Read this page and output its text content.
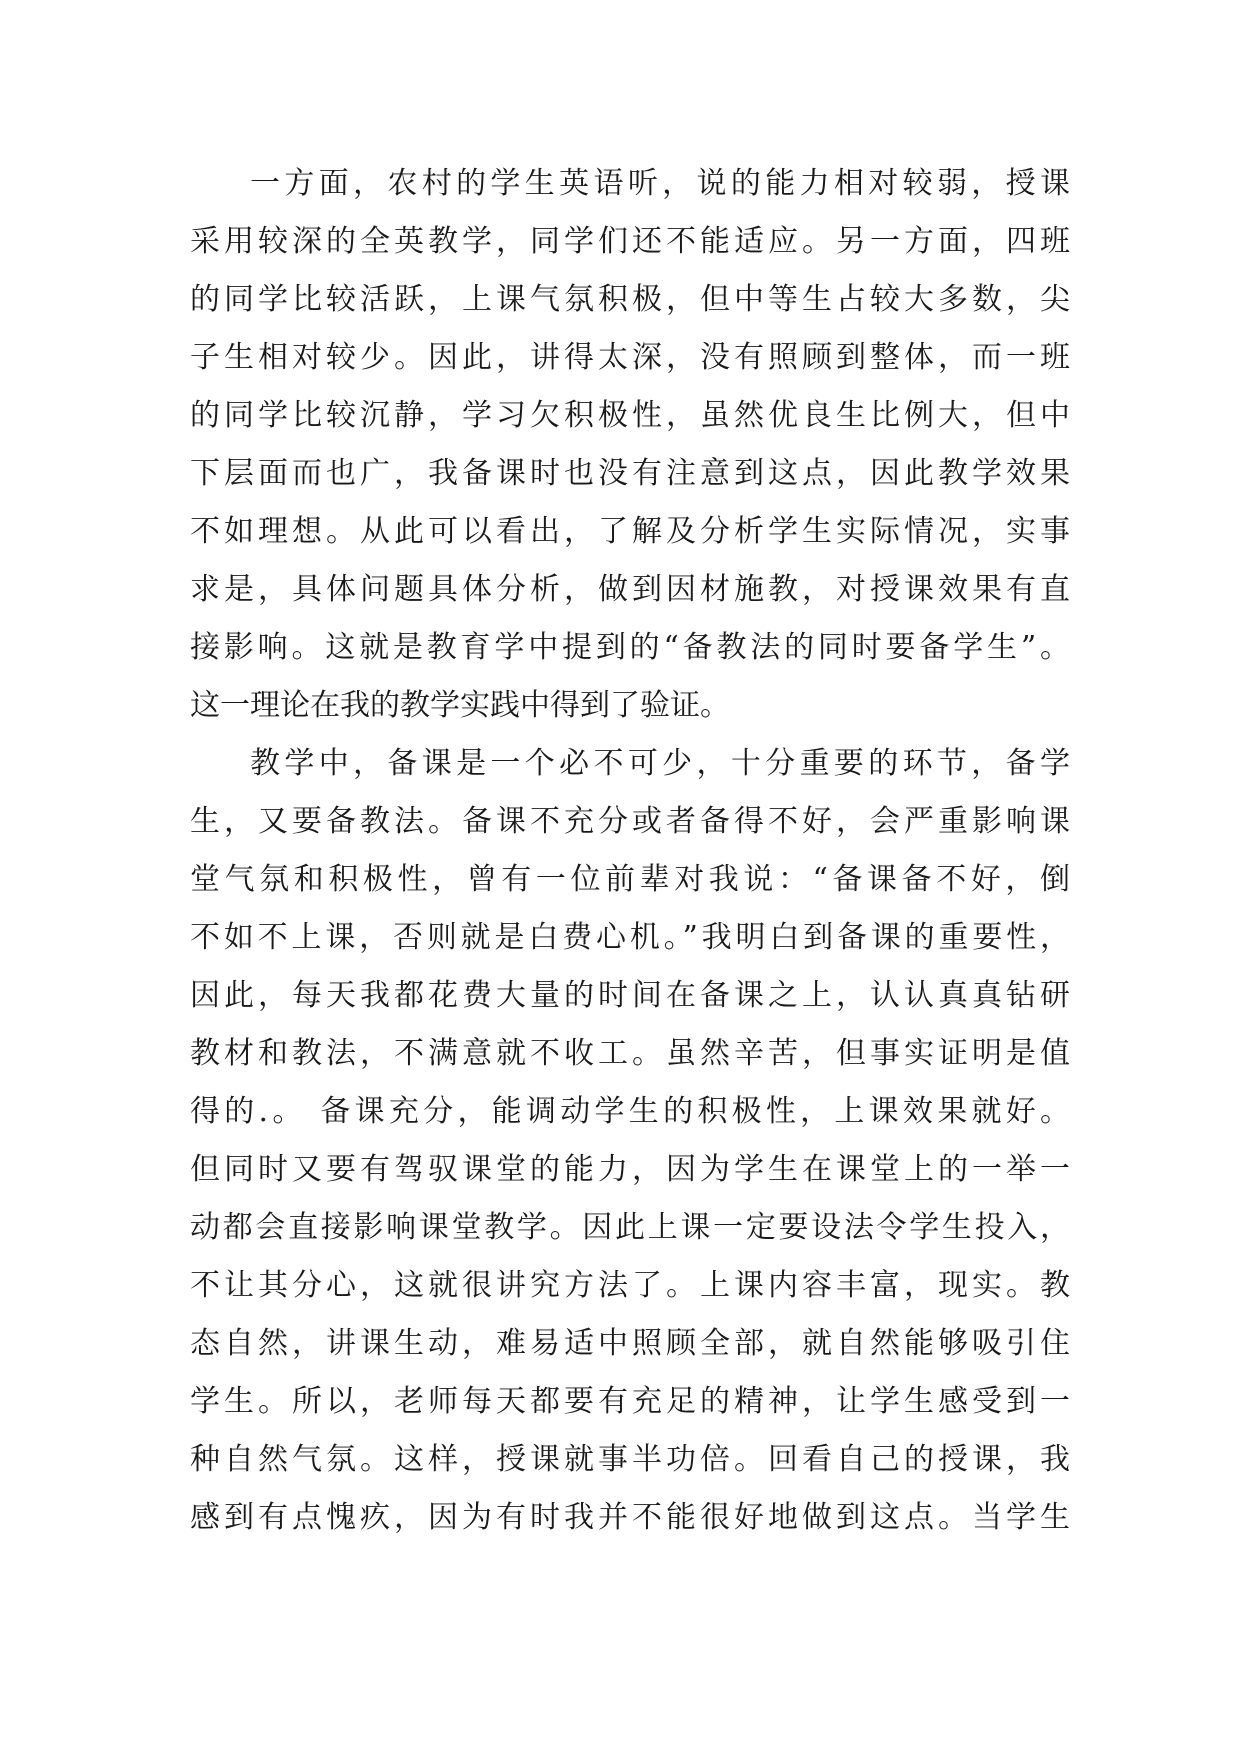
一方面，农村的学生英语听，说的能力相对较弱，授课
采用较深的全英教学，同学们还不能适应。另一方面，四班
的同学比较活跃，上课气氛积极，但中等生占较大多数，尖
子生相对较少。因此，讲得太深，没有照顾到整体，而一班
的同学比较沉静，学习欠积极性，虽然优良生比例大，但中
下层面而也广，我备课时也没有注意到这点，因此教学效果
不如理想。从此可以看出，了解及分析学生实际情况，实事
求是，具体问题具体分析，做到因材施教，对授课效果有直
接影响。这就是教育学中提到的“备教法的同时要备学生”。
这一理论在我的教学实践中得到了验证。
教学中，备课是一个必不可少，十分重要的环节，备学
生，又要备教法。备课不充分或者备得不好，会严重影响课
堂气氛和积极性，曾有一位前辈对我说：“备课备不好，倒
不如不上课，否则就是白费心机。”我明白到备课的重要性，
因此，每天我都花费大量的时间在备课之上，认认真真钻研
教材和教法，不满意就不收工。虽然辛苦，但事实证明是值
得的.。 备课充分，能调动学生的积极性，上课效果就好。
但同时又要有驾驭课堂的能力，因为学生在课堂上的一举一
动都会直接影响课堂教学。因此上课一定要设法令学生投入，
不让其分心，这就很讲究方法了。上课内容丰富，现实。教
态自然，讲课生动，难易适中照顾全部，就自然能够吸引住
学生。所以，老师每天都要有充足的精神，让学生感受到一
种自然气氛。这样，授课就事半功倍。回看自己的授课，我
感到有点愧疚，因为有时我并不能很好地做到这点。当学生
